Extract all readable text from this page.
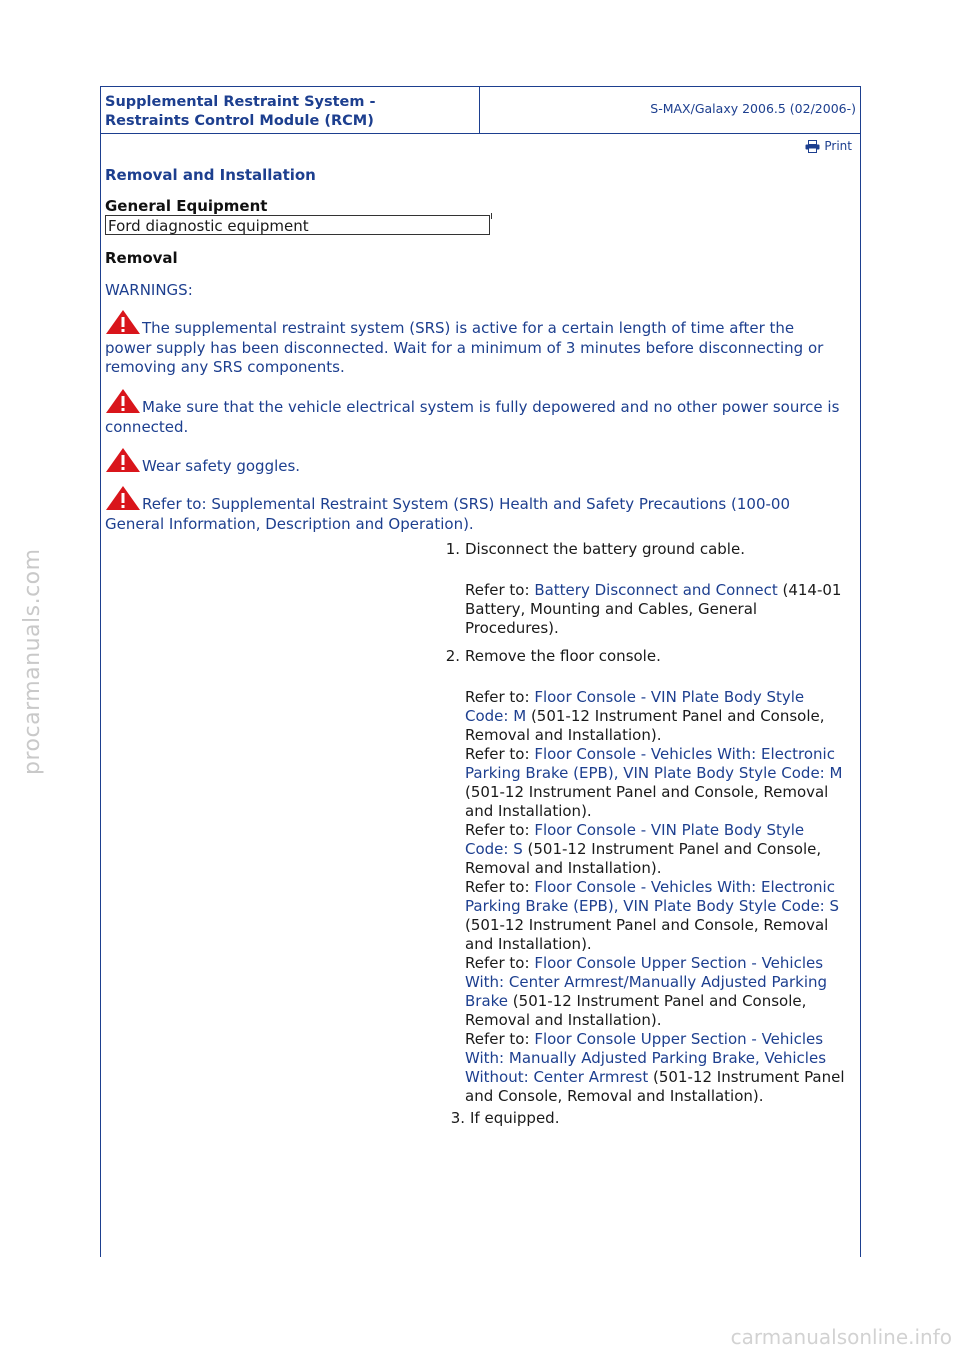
Supplemental Restraint System -
Restraints Control Module (RCM)
S-MAX/Galaxy 2006.5 (02/2006-)
Print
Removal and Installation
General Equipment
Ford diagnostic equipment
Removal
WARNINGS:
The supplemental restraint system (SRS) is active for a certain length of time after the power supply has been disconnected. Wait for a minimum of 3 minutes before disconnecting or removing any SRS components.
Make sure that the vehicle electrical system is fully depowered and no other power source is connected.
Wear safety goggles.
Refer to: Supplemental Restraint System (SRS) Health and Safety Precautions (100-00 General Information, Description and Operation).
1. Disconnect the battery ground cable.

Refer to: Battery Disconnect and Connect (414-01 Battery, Mounting and Cables, General Procedures).

2. Remove the floor console.

Refer to: Floor Console - VIN Plate Body Style Code: M (501-12 Instrument Panel and Console, Removal and Installation).

Refer to: Floor Console - Vehicles With: Electronic Parking Brake (EPB), VIN Plate Body Style Code: M (501-12 Instrument Panel and Console, Removal and Installation).

Refer to: Floor Console - VIN Plate Body Style Code: S (501-12 Instrument Panel and Console, Removal and Installation).

Refer to: Floor Console - Vehicles With: Electronic Parking Brake (EPB), VIN Plate Body Style Code: S (501-12 Instrument Panel and Console, Removal and Installation).

Refer to: Floor Console Upper Section - Vehicles With: Center Armrest/Manually Adjusted Parking Brake (501-12 Instrument Panel and Console, Removal and Installation).

Refer to: Floor Console Upper Section - Vehicles With: Manually Adjusted Parking Brake, Vehicles Without: Center Armrest (501-12 Instrument Panel and Console, Removal and Installation).

3. If equipped.
procarmanuals.com
carmanualsonline.info
